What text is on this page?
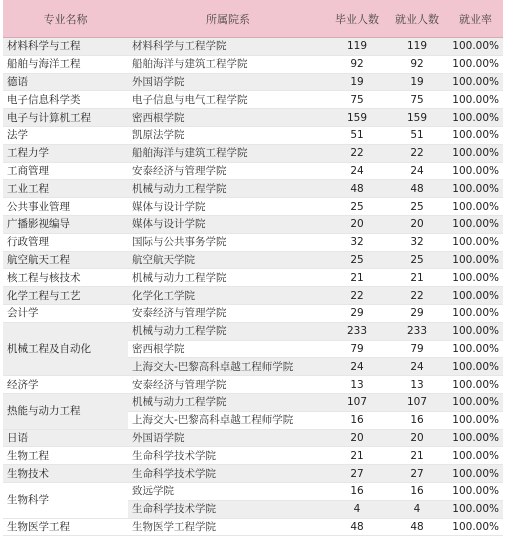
专业名称	所属院系	毕业人数	就业人数	就业率
材料科学与工程	材料科学与工程学院	119	119	100.00%
船舶与海洋工程	船舶海洋与建筑工程学院	92	92	100.00%
德语	外国语学院	19	19	100.00%
电子信息科学类	电子信息与电气工程学院	75	75	100.00%
电子与计算机工程	密西根学院	159	159	100.00%
法学	凯原法学院	51	51	100.00%
工程力学	船舶海洋与建筑工程学院	22	22	100.00%
工商管理	安泰经济与管理学院	24	24	100.00%
工业工程	机械与动力工程学院	48	48	100.00%
公共事业管理	媒体与设计学院	25	25	100.00%
广播影视编导	媒体与设计学院	20	20	100.00%
行政管理	国际与公共事务学院	32	32	100.00%
航空航天工程	航空航天学院	25	25	100.00%
核工程与核技术	机械与动力工程学院	21	21	100.00%
化学工程与工艺	化学化工学院	22	22	100.00%
会计学	安泰经济与管理学院	29	29	100.00%
机械工程及自动化	机械与动力工程学院	233	233	100.00%
	密西根学院	79	79	100.00%
	上海交大-巴黎高科卓越工程师学院	24	24	100.00%
经济学	安泰经济与管理学院	13	13	100.00%
热能与动力工程	机械与动力工程学院	107	107	100.00%
	上海交大-巴黎高科卓越工程师学院	16	16	100.00%
日语	外国语学院	20	20	100.00%
生物工程	生命科学技术学院	21	21	100.00%
生物技术	生命科学技术学院	27	27	100.00%
生物科学	致远学院	16	16	100.00%
	生命科学技术学院	4	4	100.00%
生物医学工程	生物医学工程学院	48	48	100.00%
